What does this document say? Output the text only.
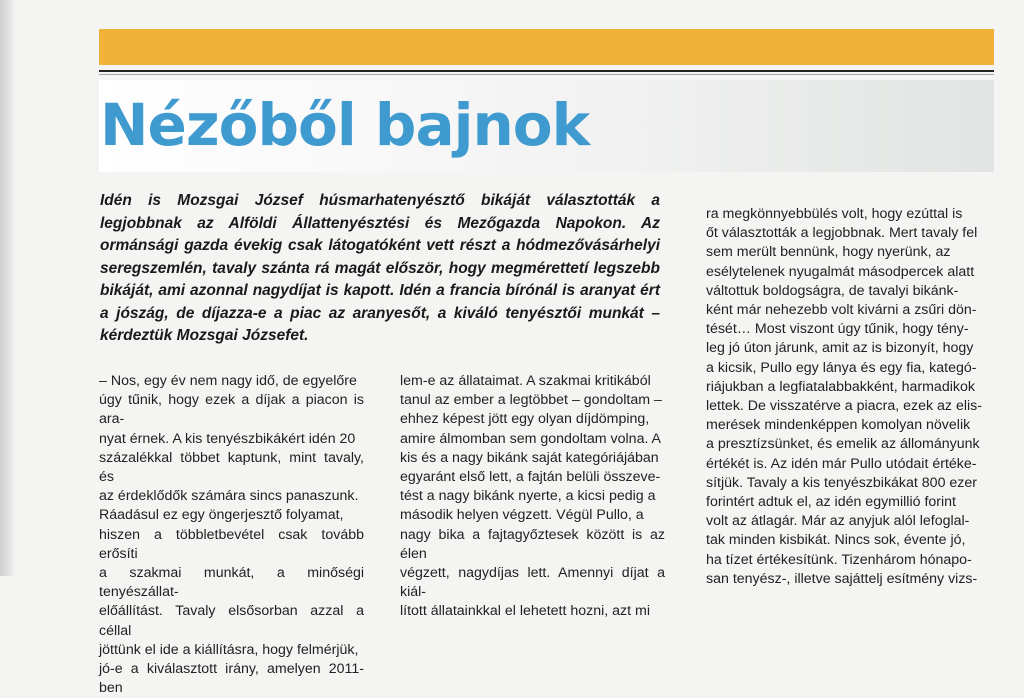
Nézőből bajnok

Idén is Mozsgai József húsmarhatenyésztő bikáját választották a legjobbnak az Alföldi Állattenyésztési és Mezőgazda Napokon. Az ormánsági gazda évekig csak látogatóként vett részt a hódmezővásárhelyi seregszemlén, tavaly szánta rá magát először, hogy megmérettetí legszebb bikáját, ami azonnal nagydíjat is kapott. Idén a francia bírónál is aranyat ért a jószág, de díjazza-e a piac az aranyesőt, a kiváló tenyésztői munkát – kérdeztük Mozsgai Józsefet.

– Nos, egy év nem nagy idő, de egyelőre
úgy tűnik, hogy ezek a díjak a piacon is ara-
nyat érnek. A kis tenyészbikákért idén 20
százalékkal többet kaptunk, mint tavaly, és
az érdeklődők számára sincs panaszunk.
Ráadásul ez egy öngerjesztő folyamat,
hiszen a többletbevétel csak tovább erősíti
a szakmai munkát, a minőségi tenyészállat-
előállítást. Tavaly elsősorban azzal a céllal
jöttünk el ide a kiállításra, hogy felmérjük,
jó-e a kiválasztott irány, amelyen 2011-ben
lem-e az állataimat. A szakmai kritikából
tanul az ember a legtöbbet – gondoltam –
ehhez képest jött egy olyan díjdömping,
amire álmomban sem gondoltam volna. A
kis és a nagy bikánk saját kategóriájában
egyaránt első lett, a fajtán belüli összeve-
tést a nagy bikánk nyerte, a kicsi pedig a
második helyen végzett. Végül Pullo, a
nagy bika a fajtagyőztesek között is az élen
végzett, nagydíjas lett. Amennyi díjat a kiál-
lított állatainkkal el lehetett hozni, azt mi
ra megkönnyebbülés volt, hogy ezúttal is
őt választották a legjobbnak. Mert tavaly fel
sem merült bennünk, hogy nyerünk, az
esélytelenek nyugalmát másodpercek alatt
váltottuk boldogságra, de tavalyi bikánk-
ként már nehezebb volt kivárni a zsűri dön-
tését… Most viszont úgy tűnik, hogy tény-
leg jó úton járunk, amit az is bizonyít, hogy
a kicsik, Pullo egy lánya és egy fia, kategó-
riájukban a legfiatalabbakként, harmadikok
lettek. De visszatérve a piacra, ezek az elis-
merések mindenképpen komolyan növelik
a presztízsünket, és emelik az állományunk
értékét is. Az idén már Pullo utódait értéke-
sítjük. Tavaly a kis tenyészbikákat 800 ezer
forintért adtuk el, az idén egymillió forint
volt az átlagár. Már az anyjuk alól lefoglal-
tak minden kisbikát. Nincs sok, évente jó,
ha tízet értékesítünk. Tizenhárom hónapo-
san tenyész-, illetve sajáttelj esítmény vizs-
